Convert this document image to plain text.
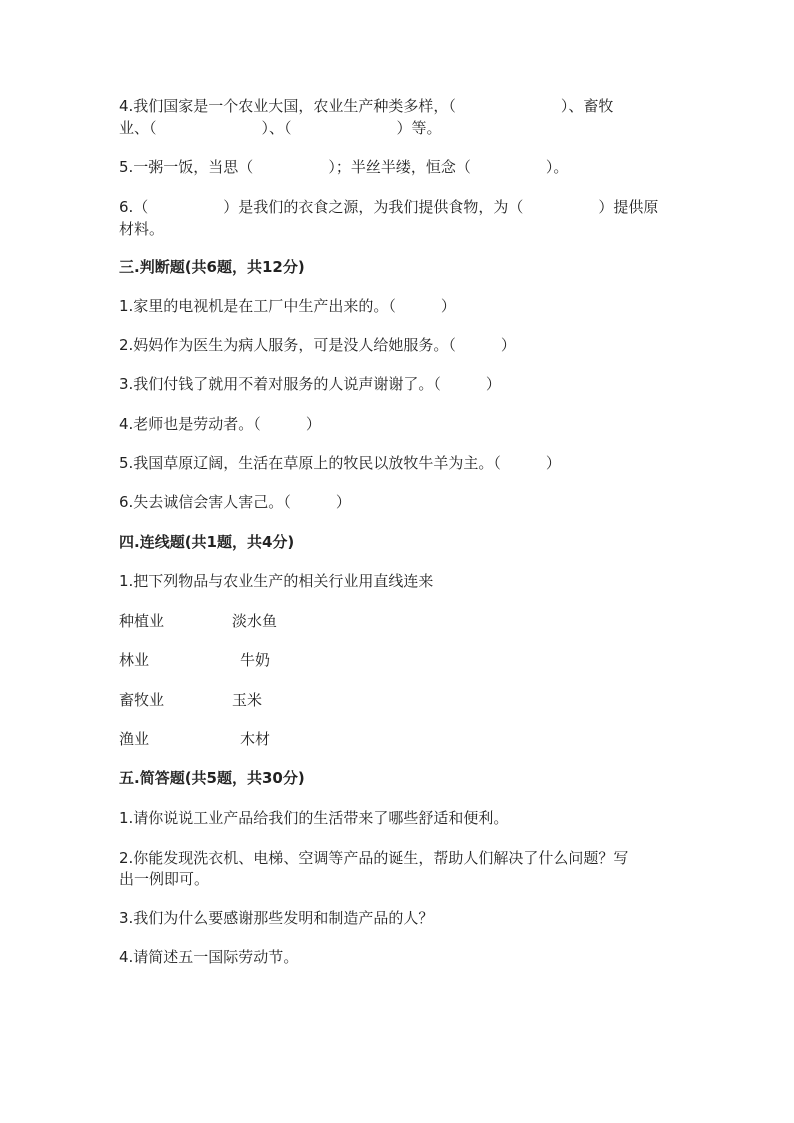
4.我们国家是一个农业大国，农业生产种类多样，（　　　　　　　）、畜牧

业、（　　　　　　　）、（　　　　　　　）等。

5.一粥一饭，当思（　　　　　）；半丝半缕，恒念（　　　　　）。

6.（　　　　　）是我们的衣食之源，为我们提供食物，为（　　　　　）提供原

材料。

三.判断题(共6题，共12分)

1.家里的电视机是在工厂中生产出来的。（　　　）

2.妈妈作为医生为病人服务，可是没人给她服务。（　　　）

3.我们付钱了就用不着对服务的人说声谢谢了。（　　　）

4.老师也是劳动者。（　　　）

5.我国草原辽阔，生活在草原上的牧民以放牧牛羊为主。（　　　）

6.失去诚信会害人害己。（　　　）

四.连线题(共1题，共4分)

1.把下列物品与农业生产的相关行业用直线连来

种植业	淡水鱼
林业	牛奶
畜牧业	玉米
渔业	木材

五.简答题(共5题，共30分)

1.请你说说工业产品给我们的生活带来了哪些舒适和便利。

2.你能发现洗衣机、电梯、空调等产品的诞生，帮助人们解决了什么问题？写

出一例即可。

3.我们为什么要感谢那些发明和制造产品的人？

4.请简述五一国际劳动节。
